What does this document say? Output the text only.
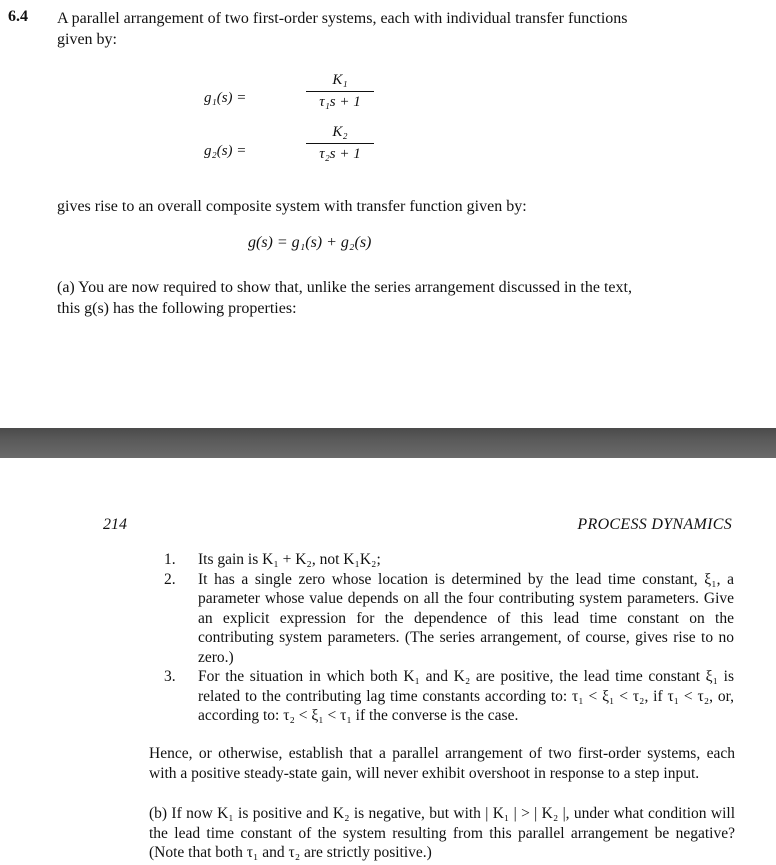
6.4 A parallel arrangement of two first-order systems, each with individual transfer functions given by:
g₁(s) =
K₁
τ₁s + 1
g₂(s) =
K₂
τ₂s + 1
gives rise to an overall composite system with transfer function given by:
g(s) = g₁(s) + g₂(s)
(a) You are now required to show that, unlike the series arrangement discussed in the text, this g(s) has the following properties:
214	PROCESS DYNAMICS
1. Its gain is K₁ + K₂, not K₁K₂;
2. It has a single zero whose location is determined by the lead time constant, ξ₁, a parameter whose value depends on all the four contributing system parameters. Give an explicit expression for the dependence of this lead time constant on the contributing system parameters. (The series arrangement, of course, gives rise to no zero.)
3. For the situation in which both K₁ and K₂ are positive, the lead time constant ξ₁ is related to the contributing lag time constants according to: τ₁ < ξ₁ < τ₂, if τ₁ < τ₂, or, according to: τ₂ < ξ₁ < τ₁ if the converse is the case.
Hence, or otherwise, establish that a parallel arrangement of two first-order systems, each with a positive steady-state gain, will never exhibit overshoot in response to a step input.
(b) If now K₁ is positive and K₂ is negative, but with | K₁ | > | K₂ |, under what condition will the lead time constant of the system resulting from this parallel arrangement be negative? (Note that both τ₁ and τ₂ are strictly positive.)
